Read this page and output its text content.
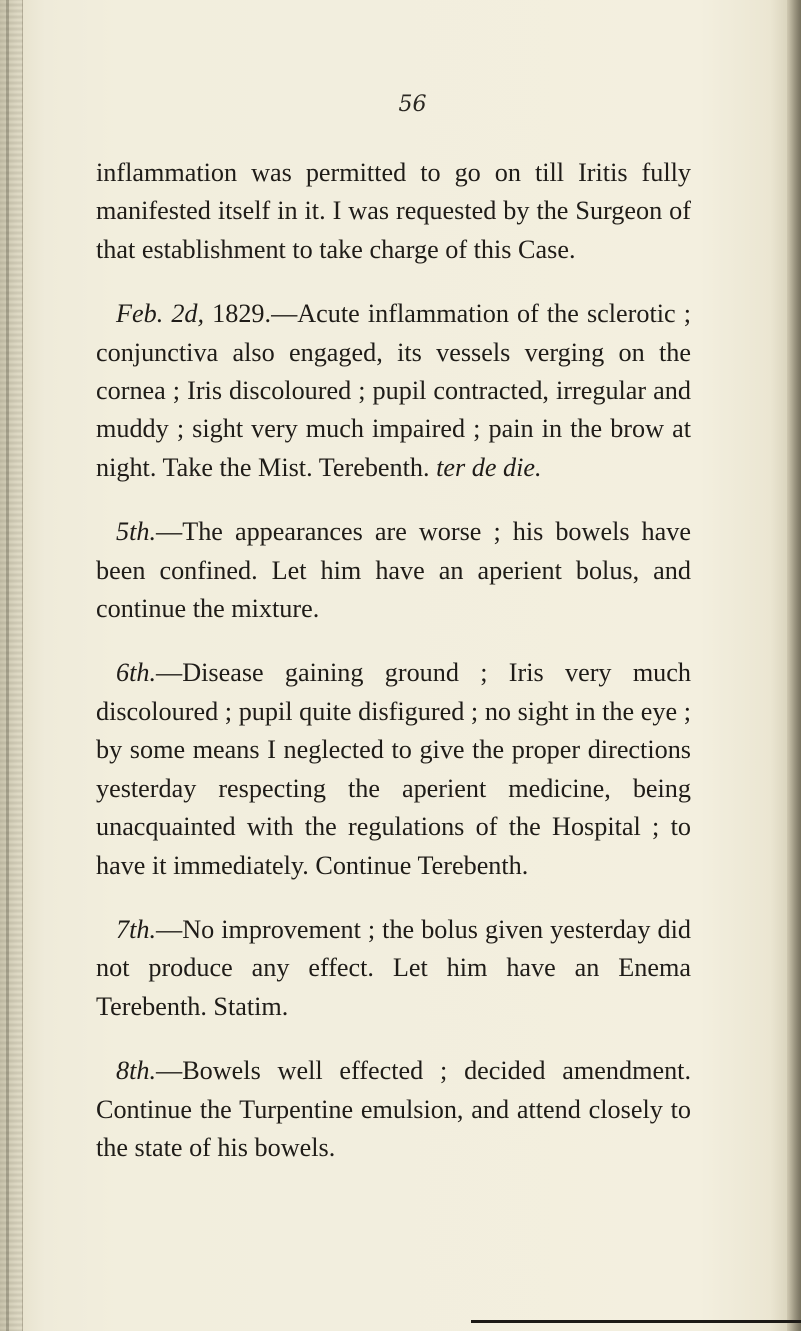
56

inflammation was permitted to go on till Iritis fully manifested itself in it. I was requested by the Surgeon of that establishment to take charge of this Case.

Feb. 2d, 1829.—Acute inflammation of the sclerotic ; conjunctiva also engaged, its vessels verging on the cornea ; Iris discoloured ; pupil contracted, irregular and muddy ; sight very much impaired ; pain in the brow at night. Take the Mist. Terebenth. ter de die.

5th.—The appearances are worse ; his bowels have been confined. Let him have an aperient bolus, and continue the mixture.

6th.—Disease gaining ground ; Iris very much discoloured ; pupil quite disfigured ; no sight in the eye ; by some means I neglected to give the proper directions yesterday respecting the aperient medicine, being unacquainted with the regulations of the Hospital ; to have it immediately. Continue Terebenth.

7th.—No improvement ; the bolus given yesterday did not produce any effect. Let him have an Enema Terebenth. Statim.

8th.—Bowels well effected ; decided amendment. Continue the Turpentine emulsion, and attend closely to the state of his bowels.
